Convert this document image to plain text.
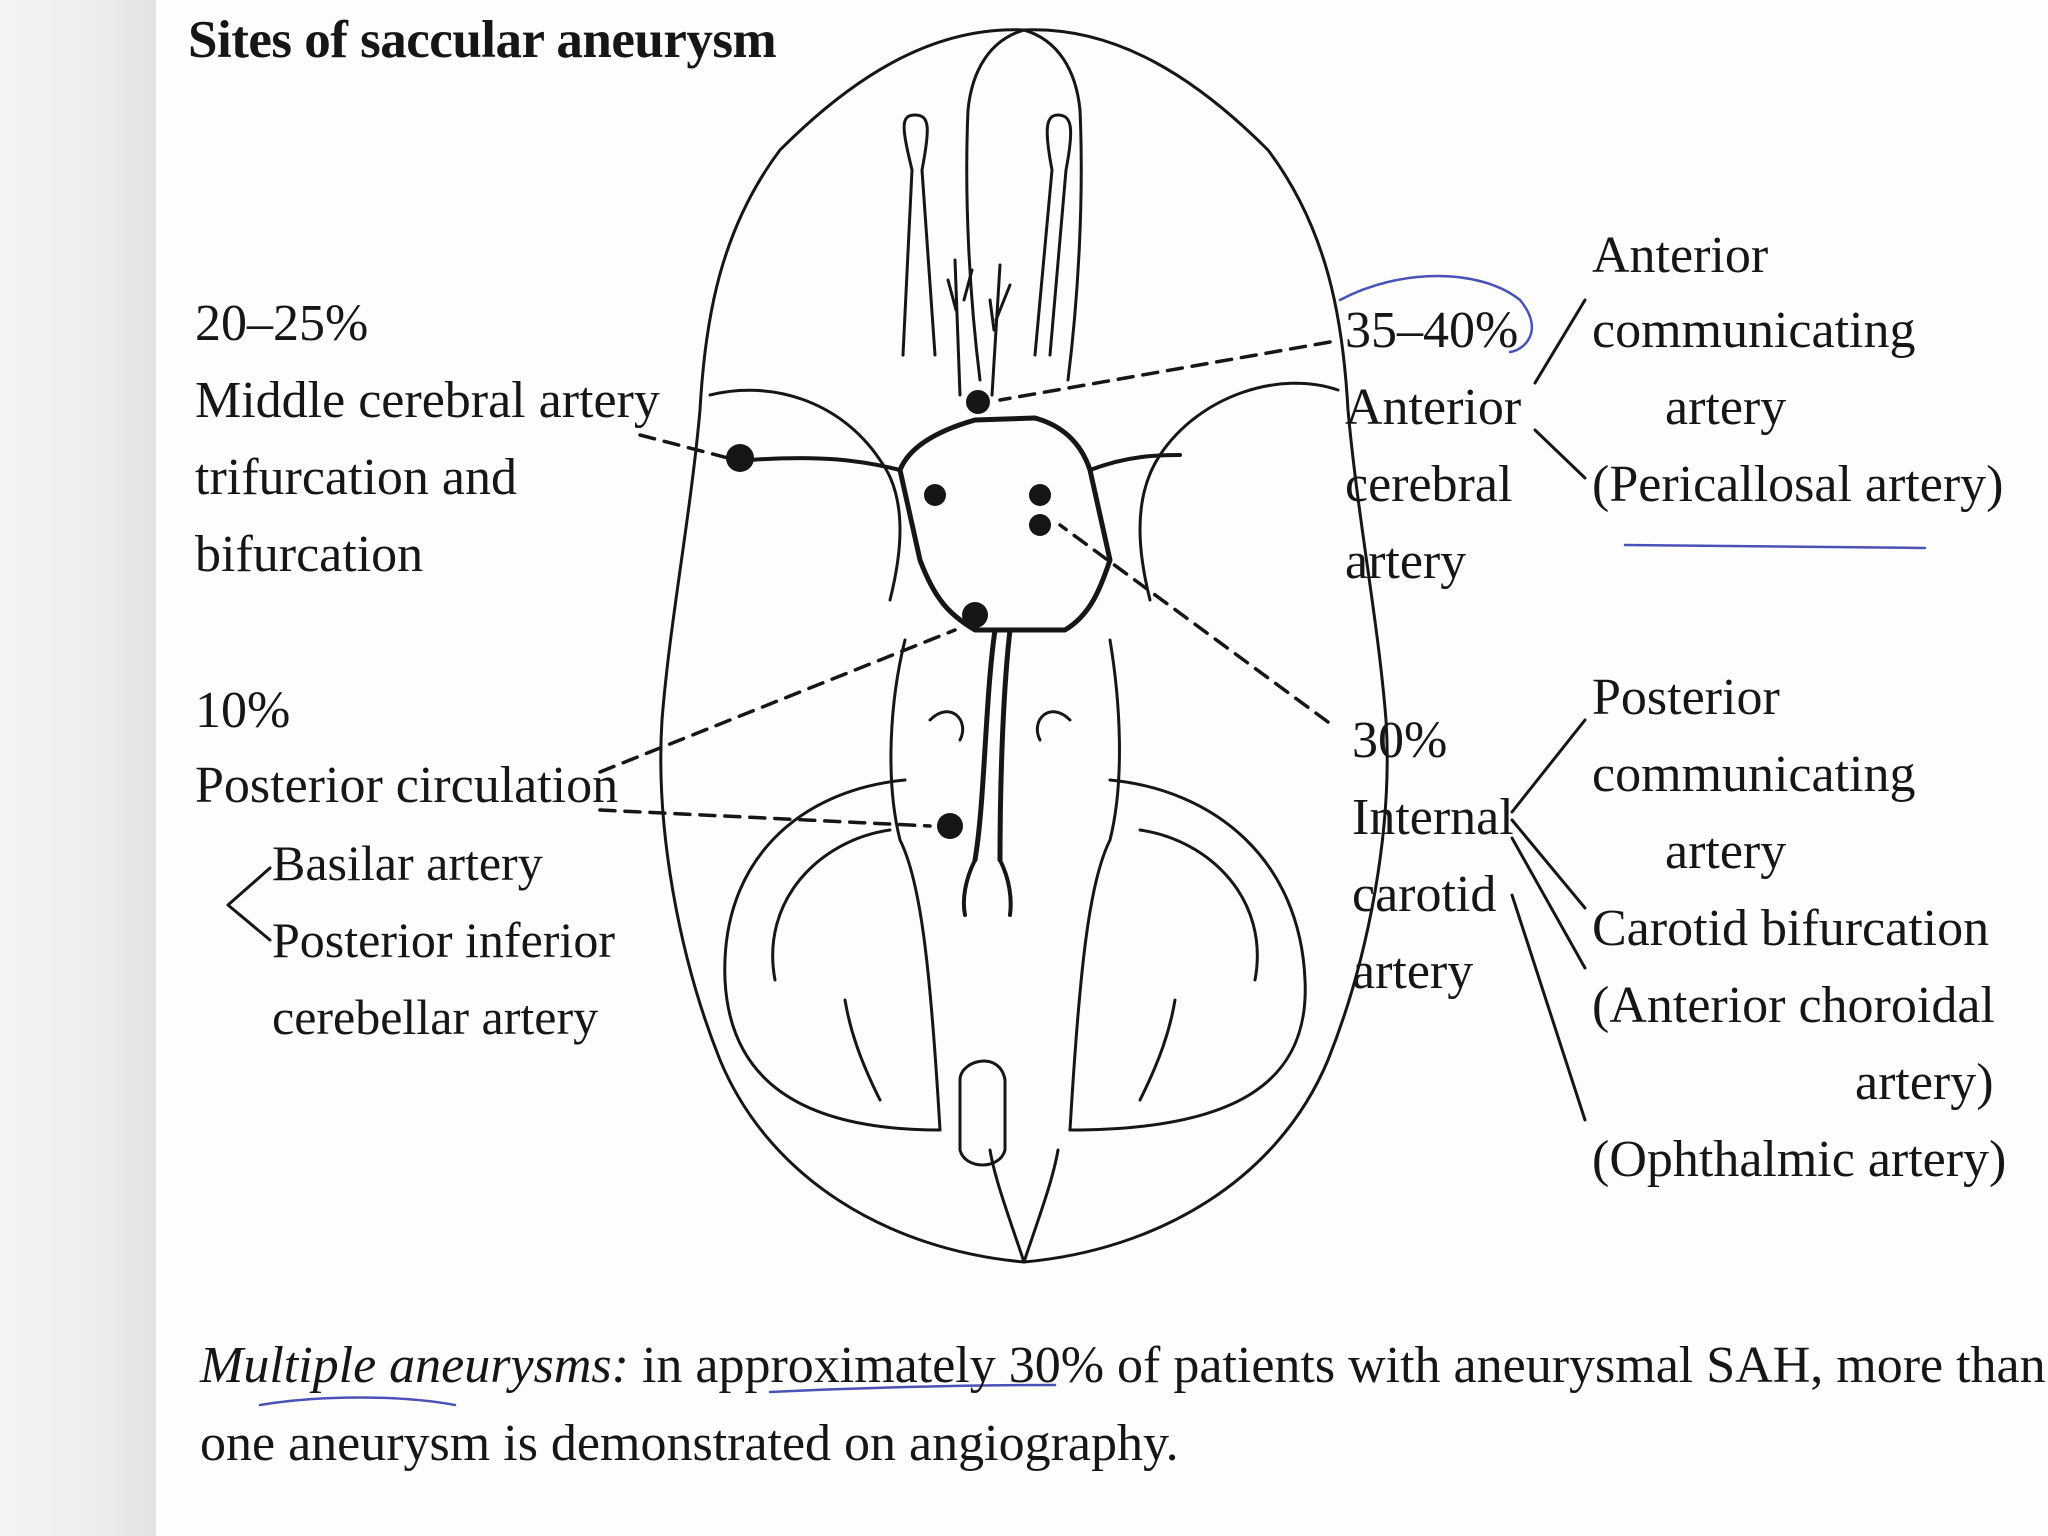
Sites of saccular aneurysm
20–25%
Middle cerebral artery
trifurcation and
bifurcation
10%
Posterior circulation
Basilar artery
Posterior inferior
cerebellar artery
35–40%
Anterior
cerebral
artery
30%
Internal
carotid
artery
Anterior
communicating
artery
(Pericallosal artery)
Posterior
communicating
artery
Carotid bifurcation
(Anterior choroidal
artery)
(Ophthalmic artery)
Multiple aneurysms: in approximately 30% of patients with aneurysmal SAH, more than
one aneurysm is demonstrated on angiography.
